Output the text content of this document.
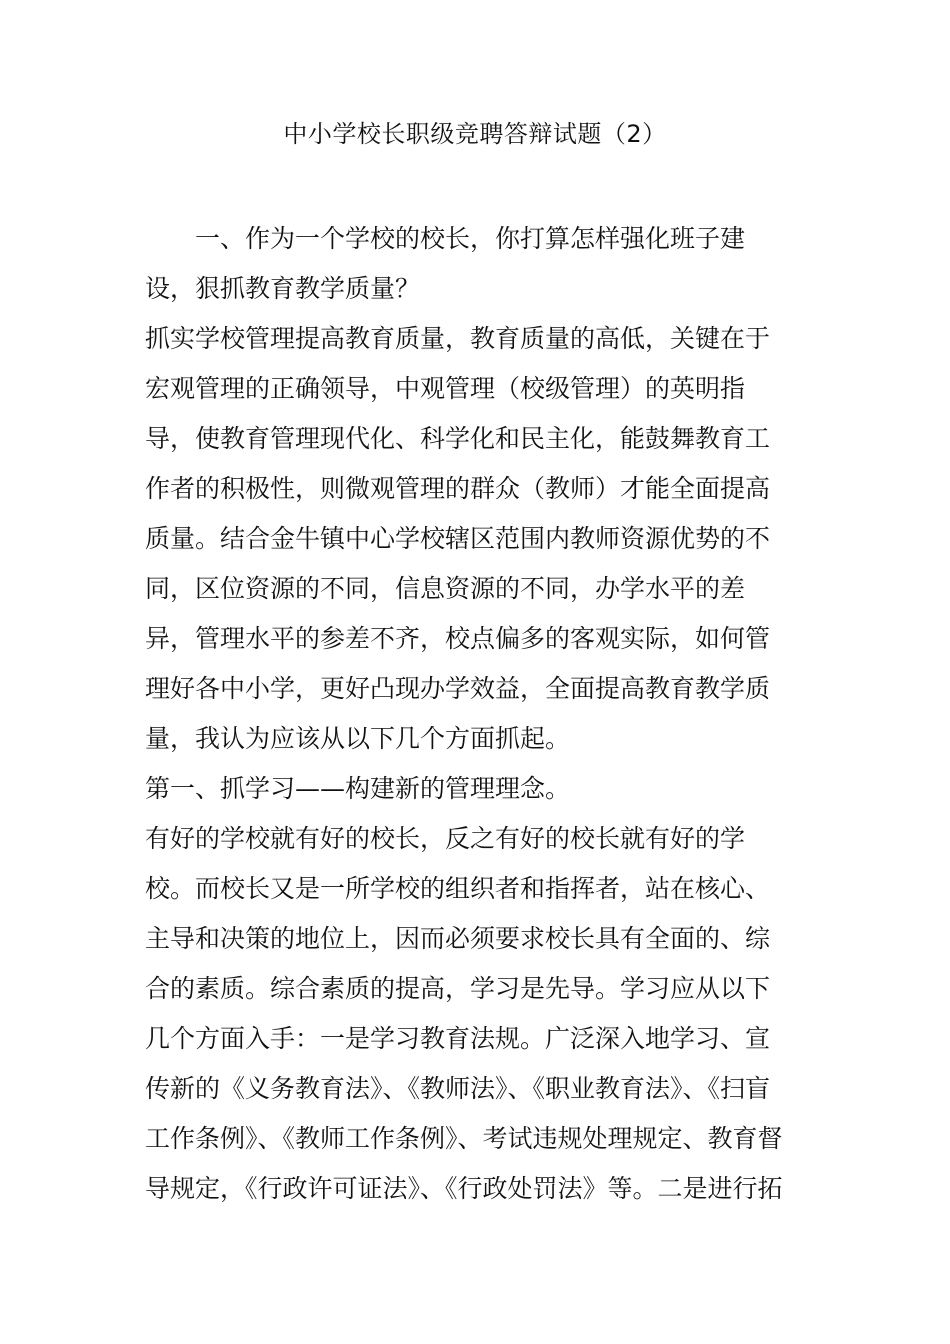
中小学校长职级竞聘答辩试题（2）
一、作为一个学校的校长，你打算怎样强化班子建
设，狠抓教育教学质量？
抓实学校管理提高教育质量，教育质量的高低，关键在于
宏观管理的正确领导，中观管理（校级管理）的英明指
导，使教育管理现代化、科学化和民主化，能鼓舞教育工
作者的积极性，则微观管理的群众（教师）才能全面提高
质量。结合金牛镇中心学校辖区范围内教师资源优势的不
同，区位资源的不同，信息资源的不同，办学水平的差
异，管理水平的参差不齐，校点偏多的客观实际，如何管
理好各中小学，更好凸现办学效益，全面提高教育教学质
量，我认为应该从以下几个方面抓起。
第一、抓学习——构建新的管理理念。
有好的学校就有好的校长，反之有好的校长就有好的学
校。而校长又是一所学校的组织者和指挥者，站在核心、
主导和决策的地位上，因而必须要求校长具有全面的、综
合的素质。综合素质的提高，学习是先导。学习应从以下
几个方面入手：一是学习教育法规。广泛深入地学习、宣
传新的《义务教育法》、《教师法》、《职业教育法》、《扫盲
工作条例》、《教师工作条例》、考试违规处理规定、教育督
导规定，《行政许可证法》、《行政处罚法》等。二是进行拓
